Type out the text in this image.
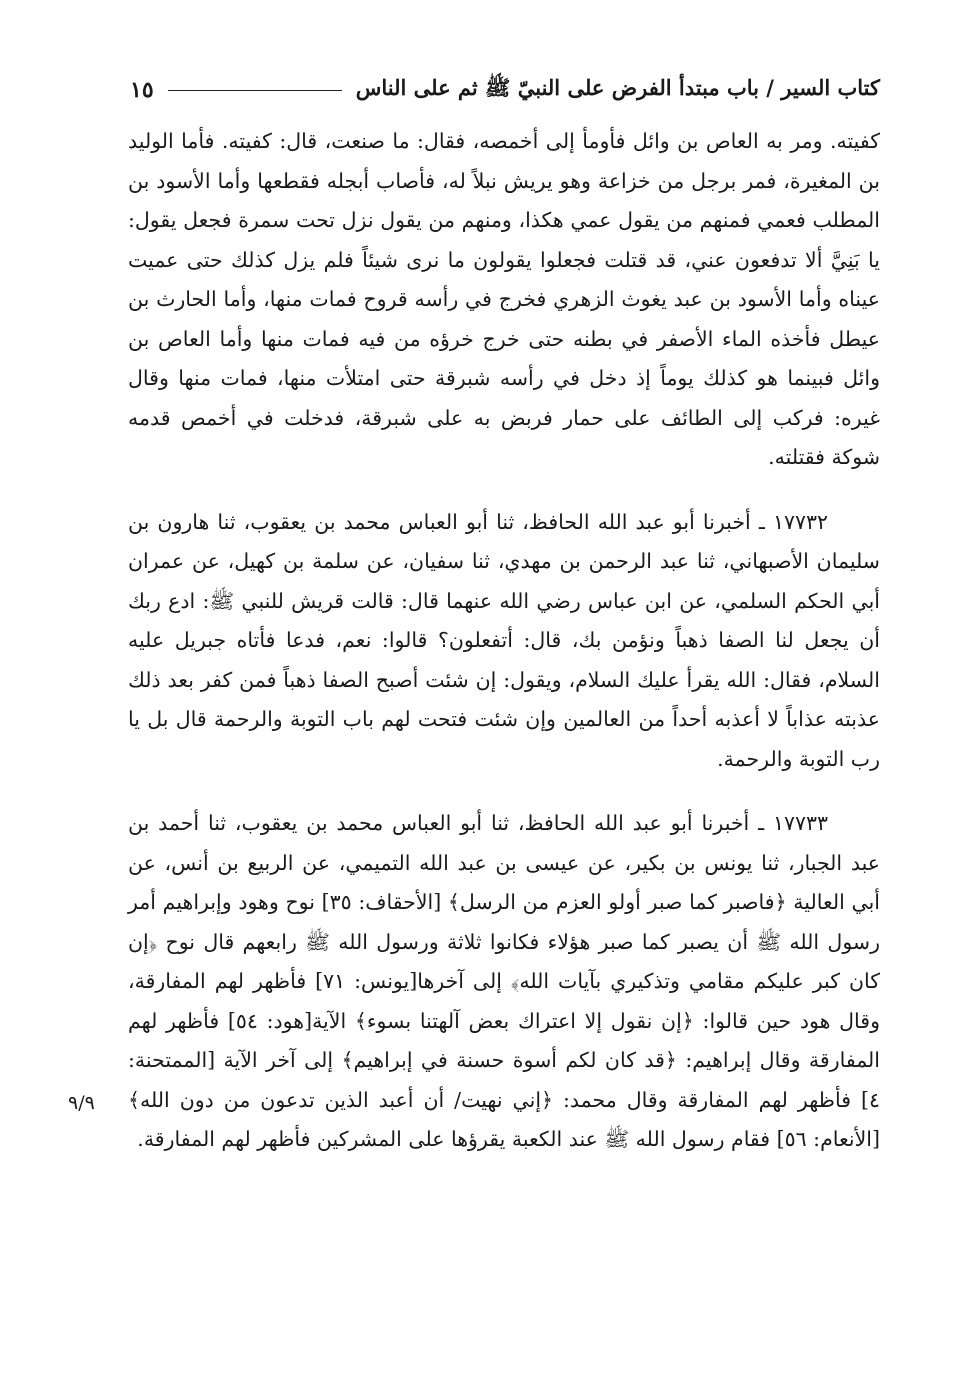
كتاب السير / باب مبتدأ الفرض على النبيّ ﷺ ثم على الناس
١٥

كفيته. ومر به العاص بن وائل فأومأ إلى أخمصه، فقال: ما صنعت، قال: كفيته. فأما الوليد بن المغيرة، فمر برجل من خزاعة وهو يريش نبلاً له، فأصاب أبجله فقطعها وأما الأسود بن المطلب فعمي فمنهم من يقول عمي هكذا، ومنهم من يقول نزل تحت سمرة فجعل يقول: يا بَنِيَّ ألا تدفعون عني، قد قتلت فجعلوا يقولون ما نرى شيئاً فلم يزل كذلك حتى عميت عيناه وأما الأسود بن عبد يغوث الزهري فخرج في رأسه قروح فمات منها، وأما الحارث بن عيطل فأخذه الماء الأصفر في بطنه حتى خرج خرؤه من فيه فمات منها وأما العاص بن وائل فبينما هو كذلك يوماً إذ دخل في رأسه شبرقة حتى امتلأت منها، فمات منها وقال غيره: فركب إلى الطائف على حمار فربض به على شبرقة، فدخلت في أخمص قدمه شوكة فقتلته.

١٧٧٣٢ ـ أخبرنا أبو عبد الله الحافظ، ثنا أبو العباس محمد بن يعقوب، ثنا هارون بن سليمان الأصبهاني، ثنا عبد الرحمن بن مهدي، ثنا سفيان، عن سلمة بن كهيل، عن عمران أبي الحكم السلمي، عن ابن عباس رضي الله عنهما قال: قالت قريش للنبي ﷺ: ادع ربك أن يجعل لنا الصفا ذهباً ونؤمن بك، قال: أتفعلون؟ قالوا: نعم، فدعا فأتاه جبريل عليه السلام، فقال: الله يقرأ عليك السلام، ويقول: إن شئت أصبح الصفا ذهباً فمن كفر بعد ذلك عذبته عذاباً لا أعذبه أحداً من العالمين وإن شئت فتحت لهم باب التوبة والرحمة قال بل يا رب التوبة والرحمة.

١٧٧٣٣ ـ أخبرنا أبو عبد الله الحافظ، ثنا أبو العباس محمد بن يعقوب، ثنا أحمد بن عبد الجبار، ثنا يونس بن بكير، عن عيسى بن عبد الله التميمي، عن الربيع بن أنس، عن أبي العالية ﴿فاصبر كما صبر أولو العزم من الرسل﴾ [الأحقاف: ٣٥] نوح وهود وإبراهيم أمر رسول الله ﷺ أن يصبر كما صبر هؤلاء فكانوا ثلاثة ورسول الله ﷺ رابعهم قال نوح ﴿إن كان كبر عليكم مقامي وتذكيري بآيات الله﴾ إلى آخرها[يونس: ٧١] فأظهر لهم المفارقة، وقال هود حين قالوا: ﴿إن نقول إلا اعتراك بعض آلهتنا بسوء﴾ الآية[هود: ٥٤] فأظهر لهم المفارقة وقال إبراهيم: ﴿قد كان لكم أسوة حسنة في إبراهيم﴾ إلى آخر الآية [الممتحنة: ٤] فأظهر لهم المفارقة وقال محمد: ﴿إني نهيت/ أن أعبد الذين تدعون من دون الله﴾ [الأنعام: ٥٦] فقام رسول الله ﷺ عند الكعبة يقرؤها على المشركين فأظهر لهم المفارقة.

٩/٩
